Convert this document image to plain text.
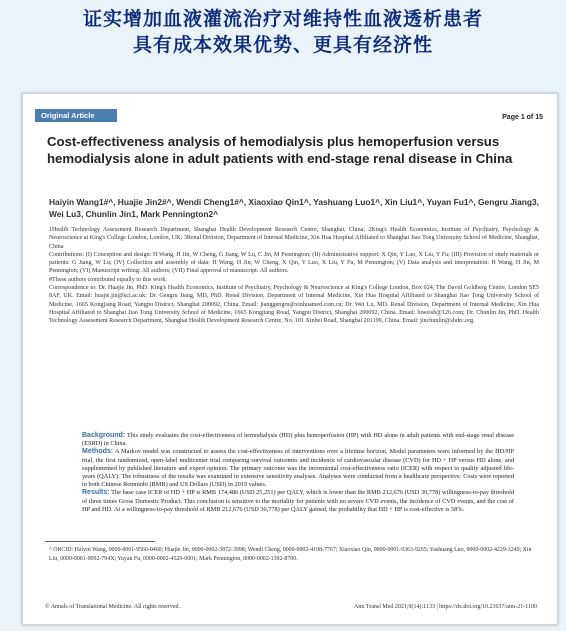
证实增加血液灌流治疗对维持性血液透析患者
具有成本效果优势、更具有经济性
Original Article	Page 1 of 15
Cost-effectiveness analysis of hemodialysis plus hemoperfusion versus hemodialysis alone in adult patients with end-stage renal disease in China
Haiyin Wang1#^, Huajie Jin2#^, Wendi Cheng1#^, Xiaoxiao Qin1^, Yashuang Luo1^, Xin Liu1^, Yuyan Fu1^, Gengru Jiang3, Wei Lu3, Chunlin Jin1, Mark Pennington2^

1Health Technology Assessment Research Department, Shanghai Health Development Research Centre, Shanghai, China; 2King's Health Economics, Institute of Psychiatry, Psychology & Neuroscience at King's College London, London, UK; 3Renal Division, Department of Internal Medicine, Xin Hua Hospital Affiliated to Shanghai Jiao Tong University School of Medicine, Shanghai, China

Contributions: (I) Conception and design: H Wang, H Jin, W Cheng, G Jiang, W Lu, C Jin, M Pennington; (II) Administrative support: X Qin, Y Luo, X Liu, Y Fu; (III) Provision of study materials or patients: G Jiang, W Lu; (IV) Collection and assembly of data: H Wang, H Jin, W Cheng, X Qin, Y Luo, X Liu, Y Fu, M Pennington; (V) Data analysis and interpretation: H Wang, H Jin, M Pennington; (VI) Manuscript writing: All authors; (VII) Final approval of manuscript: All authors.

#These authors contributed equally to this work.

Correspondence to: Dr. Huajie Jin, PhD. King's Health Economics, Institute of Psychiatry, Psychology & Neuroscience at King's College London, Box 024, The David Goldberg Centre, London SE5 8AF, UK. Email: huajie.jin@kcl.ac.uk; Dr. Gengru Jiang, MD, PhD. Renal Division, Department of Internal Medicine, Xin Hua Hospital Affiliated to Shanghai Jiao Tong University School of Medicine, 1665 Kongjiang Road, Yangpu District, Shanghai 200092, China. Email: jianggengru@xinhuamed.com.cn; Dr. Wei Lu, MD. Renal Division, Department of Internal Medicine, Xin Hua Hospital Affiliated to Shanghai Jiao Tong University School of Medicine, 1665 Kongjiang Road, Yangpu District, Shanghai 200092, China. Email: luweish@126.com; Dr. Chunlin Jin, PhD. Health Technology Assessment Research Department, Shanghai Health Development Research Centre, No. 181 Xinbei Road, Shanghai 201199, China. Email: jinchunlin@shdrc.org.

Background: This study evaluates the cost-effectiveness of hemodialysis (HD) plus hemoperfusion (HP) with HD alone in adult patients with end-stage renal disease (ESRD) in China.

Methods: A Markov model was constructed to assess the cost-effectiveness of interventions over a lifetime horizon. Model parameters were informed by the HD/HP trial, the first randomized, open-label multicenter trial comparing survival outcomes and incidence of cardiovascular disease (CVD) for HD + HP versus HD alone, and supplemented by published literature and expert opinion. The primary outcome was the incremental cost-effectiveness ratio (ICER) with respect to quality adjusted life-years (QALY). The robustness of the results was examined in extensive sensitivity analyses. Analyses were conducted from a healthcare perspective. Costs were reported in both Chinese Renminbi (RMB) and US Dollars (USD) in 2019 values.

Results: The base case ICER of HD + HP is RMB 174,486 (USD 25,251) per QALY, which is lower than the RMB 212,676 (USD 30,778) willingness-to-pay threshold of three times Gross Domestic Product. This conclusion is sensitive to the mortality for patients with no severe CVD events, the incidence of CVD events, and the cost of HP and HD. At a willingness-to-pay threshold of RMB 212,676 (USD 30,778) per QALY gained, the probability that HD + HP is cost-effective is 58%.

^ ORCID: Haiyin Wang, 0000-0001-9560-0460; Huajie Jin, 0000-0002-3872-3998; Wendi Cheng, 0000-0002-4198-7767; Xiaoxiao Qin, 0000-0001-9363-9265; Yashuang Luo, 0000-0002-4229-3249; Xin Liu, 0000-0001-9092-794X; Yuyan Fu, 0000-0002-4520-0001; Mark Pennington, 0000-0002-1392-8700.
© Annals of Translational Medicine. All rights reserved.	Ann Transl Med 2021;9(14):1133 | https://dx.doi.org/10.21037/atm-21-1100
